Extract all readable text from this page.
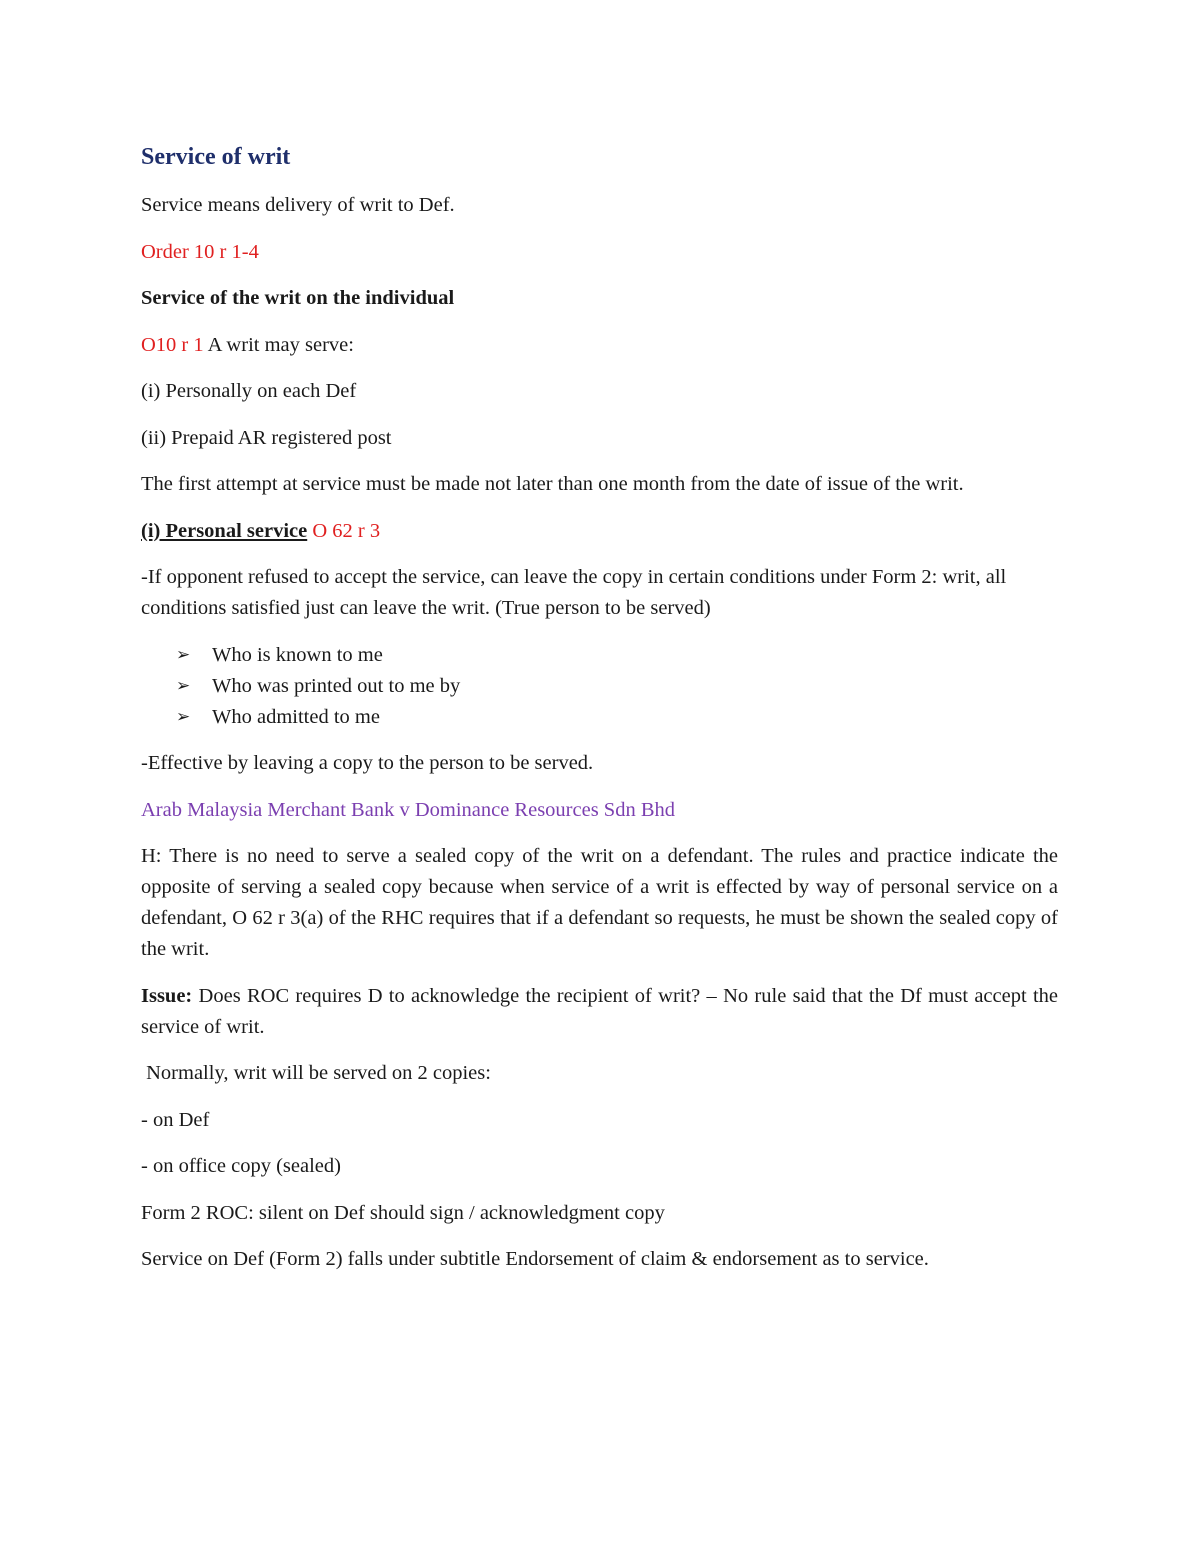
Service of writ

Service means delivery of writ to Def.

Order 10 r 1-4

Service of the writ on the individual

O10 r 1 A writ may serve:

(i) Personally on each Def

(ii) Prepaid AR registered post

The first attempt at service must be made not later than one month from the date of issue of the writ.

(i) Personal service O 62 r 3

-If opponent refused to accept the service, can leave the copy in certain conditions under Form 2: writ, all conditions satisfied just can leave the writ. (True person to be served)

➢ Who is known to me
➢ Who was printed out to me by
➢ Who admitted to me

-Effective by leaving a copy to the person to be served.

Arab Malaysia Merchant Bank v Dominance Resources Sdn Bhd

H: There is no need to serve a sealed copy of the writ on a defendant. The rules and practice indicate the opposite of serving a sealed copy because when service of a writ is effected by way of personal service on a defendant, O 62 r 3(a) of the RHC requires that if a defendant so requests, he must be shown the sealed copy of the writ.

Issue: Does ROC requires D to acknowledge the recipient of writ? – No rule said that the Df must accept the service of writ.

Normally, writ will be served on 2 copies:

- on Def

- on office copy (sealed)

Form 2 ROC: silent on Def should sign / acknowledgment copy

Service on Def (Form 2) falls under subtitle Endorsement of claim & endorsement as to service.
